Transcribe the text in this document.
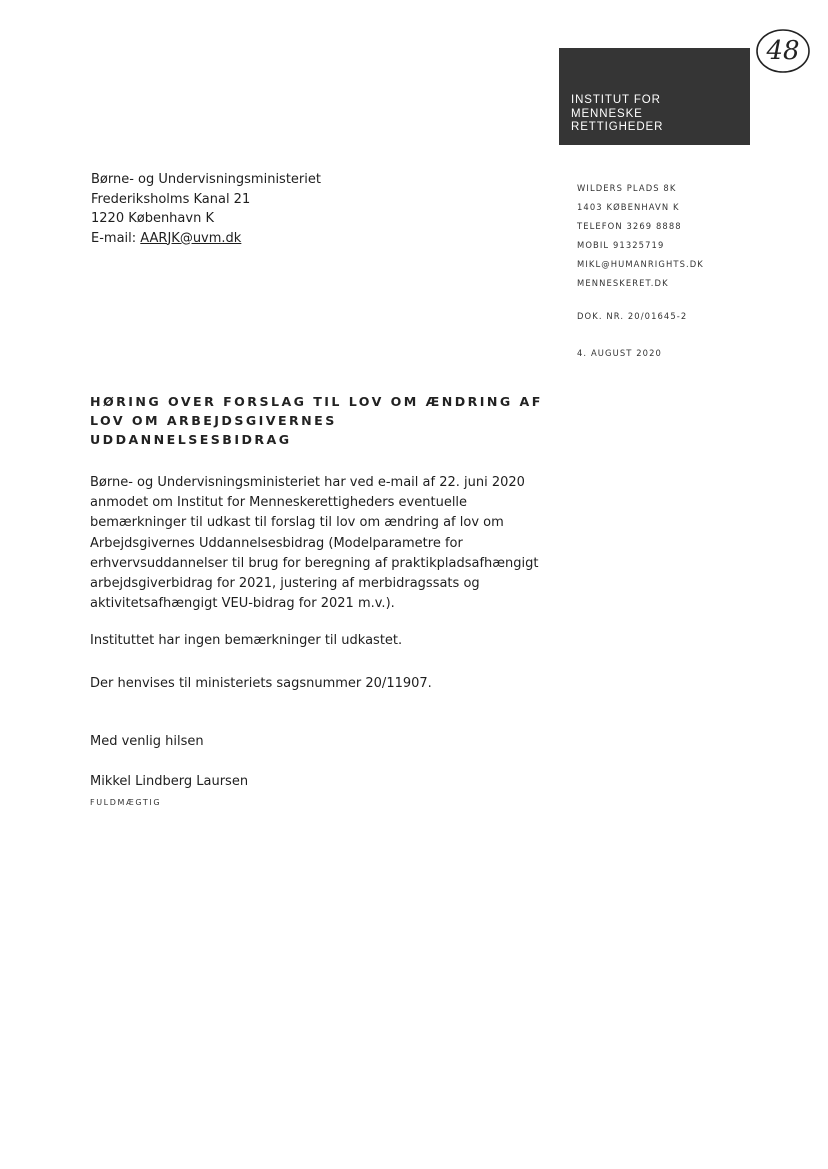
48
INSTITUT FOR
MENNESKE
RETTIGHEDER
Børne- og Undervisningsministeriet
Frederiksholms Kanal 21
1220 København K
E-mail: AARJK@uvm.dk
WILDERS PLADS 8K
1403 KØBENHAVN K
TELEFON 3269 8888
MOBIL 91325719
MIKL@HUMANRIGHTS.DK
MENNESKERET.DK
DOK. NR. 20/01645-2
4. AUGUST 2020
HØRING OVER FORSLAG TIL LOV OM ÆNDRING AF
LOV OM ARBEJDSGIVERNES
UDDANNELSESBIDRAG
Børne- og Undervisningsministeriet har ved e-mail af 22. juni 2020
anmodet om Institut for Menneskerettigheders eventuelle
bemærkninger til udkast til forslag til lov om ændring af lov om
Arbejdsgivernes Uddannelsesbidrag (Modelparametre for
erhvervsuddannelser til brug for beregning af praktikpladsafhængigt
arbejdsgiverbidrag for 2021, justering af merbidragssats og
aktivitetsafhængigt VEU-bidrag for 2021 m.v.).
Instituttet har ingen bemærkninger til udkastet.
Der henvises til ministeriets sagsnummer 20/11907.
Med venlig hilsen
Mikkel Lindberg Laursen
FULDMÆGTIG
